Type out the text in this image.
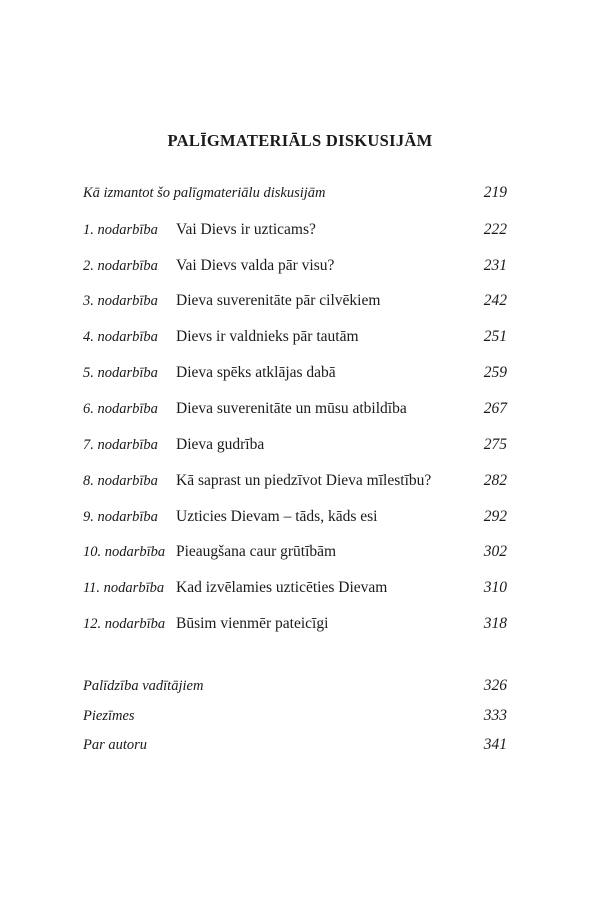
PALĪGMATERIĀLS DISKUSIJĀM
Kā izmantot šo palīgmateriālu diskusijām	219
1. nodarbība Vai Dievs ir uzticams?	222
2. nodarbība Vai Dievs valda pār visu?	231
3. nodarbība Dieva suverenitāte pār cilvēkiem	242
4. nodarbība Dievs ir valdnieks pār tautām	251
5. nodarbība Dieva spēks atklājas dabā	259
6. nodarbība Dieva suverenitāte un mūsu atbildība	267
7. nodarbība Dieva gudrība	275
8. nodarbība Kā saprast un piedzīvot Dieva mīlestību?	282
9. nodarbība Uzticies Dievam – tāds, kāds esi	292
10. nodarbība Pieaugšana caur grūtībām	302
11. nodarbība Kad izvēlamies uzticēties Dievam	310
12. nodarbība Būsim vienmēr pateicīgi	318
Palīdzība vadītājiem	326
Piezīmes	333
Par autoru	341
